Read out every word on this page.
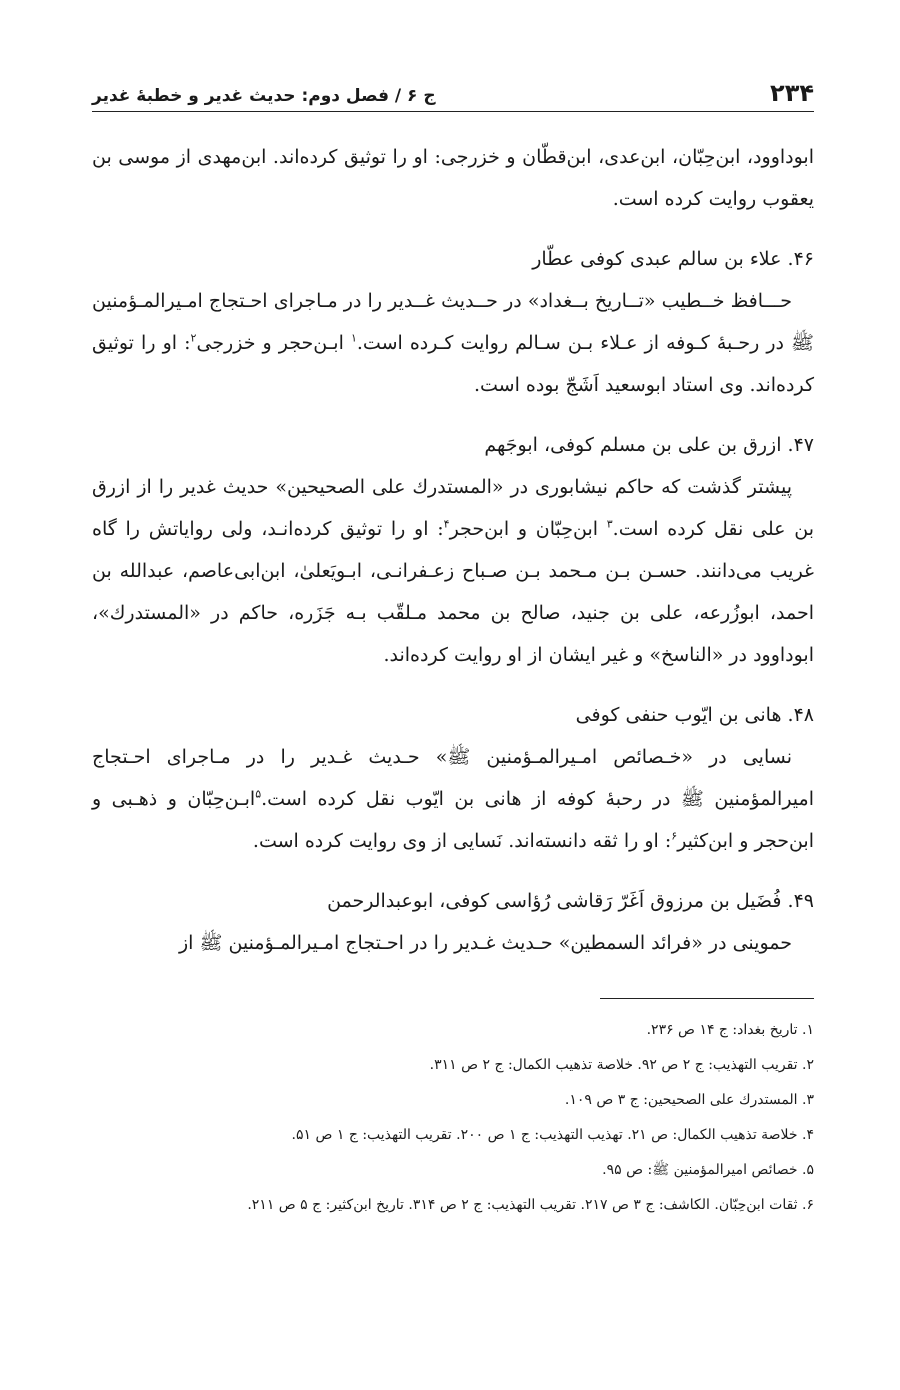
۲۳۴
ج ۶ / فصل دوم: حدیث غدیر و خطبهٔ غدیر

ابوداوود، ابن‌حِبّان، ابن‌عدی، ابن‌قطّان و خزرجی: او را توثیق کرده‌اند. ابن‌مهدی از موسی بن یعقوب روایت کرده است.

۴۶. علاء بن سالم عبدی کوفی عطّار

حـــافظ خــطیب «تــاریخ بــغداد» در حــدیث غــدیر را در مـاجرای احـتجاج امـیرالمـؤمنین ﷺ در رحـبهٔ کـوفه از عـلاء بـن سـالم روایت کـرده است.$^۱$ ابـن‌حجر و خزرجی$^۲$: او را توثیق کرده‌اند. وی استاد ابوسعید اَشَجّ بوده است.

۴۷. ازرق بن علی بن مسلم کوفی، ابوجَهم

پیشتر گذشت که حاکم نیشابوری در «المستدرك علی الصحیحین» حدیث غدیر را از ازرق بن علی نقل کرده است.$^۳$ ابن‌حِبّان و ابن‌حجر$^۴$: او را توثیق کرده‌انـد، ولی روایاتش را گاه غریب می‌دانند. حسـن بـن مـحمد بـن صـباح زعـفرانـی، ابـویَعلیٰ، ابن‌ابی‌عاصم، عبدالله بن احمد، ابوزُرعه، علی بن جنید، صالح بن محمد مـلقّب بـه جَزَره، حاکم در «المستدرك»، ابوداوود در «الناسخ» و غیر ایشان از او روایت کرده‌اند.

۴۸. هانی بن ایّوب حنفی کوفی

نسایی در «خـصائص امـیرالمـؤمنین ﷺ» حـدیث غـدیر را در مـاجرای احـتجاج امیرالمؤمنین ﷺ در رحبهٔ کوفه از هانی بن ایّوب نقل کرده است.$^۵$ابـن‌حِبّان و ذهـبی و ابن‌حجر و ابن‌کثیر$^۶$: او را ثقه دانسته‌اند. نَسایی از وی روایت کرده است.

۴۹. فُضَیل بن مرزوق اَغَرّ رَقاشی رُؤاسی کوفی، ابوعبدالرحمن

حموینی در «فرائد السمطین» حـدیث غـدیر را در احـتجاج امـیرالمـؤمنین ﷺ از

۱. تاریخ بغداد: ج ۱۴ ص ۲۳۶.

۲. تقریب التهذیب: ج ۲ ص ۹۲. خلاصة تذهیب الکمال: ج ۲ ص ۳۱۱.

۳. المستدرك علی الصحیحین: ج ۳ ص ۱۰۹.

۴. خلاصة تذهیب الکمال: ص ۲۱. تهذیب التهذیب: ج ۱ ص ۲۰۰. تقریب التهذیب: ج ۱ ص ۵۱.

۵. خصائص امیرالمؤمنین ﷺ: ص ۹۵.

۶. ثقات ابن‌حِبّان. الکاشف: ج ۳ ص ۲۱۷. تقریب التهذیب: ج ۲ ص ۳۱۴. تاریخ ابن‌کثیر: ج ۵ ص ۲۱۱.
